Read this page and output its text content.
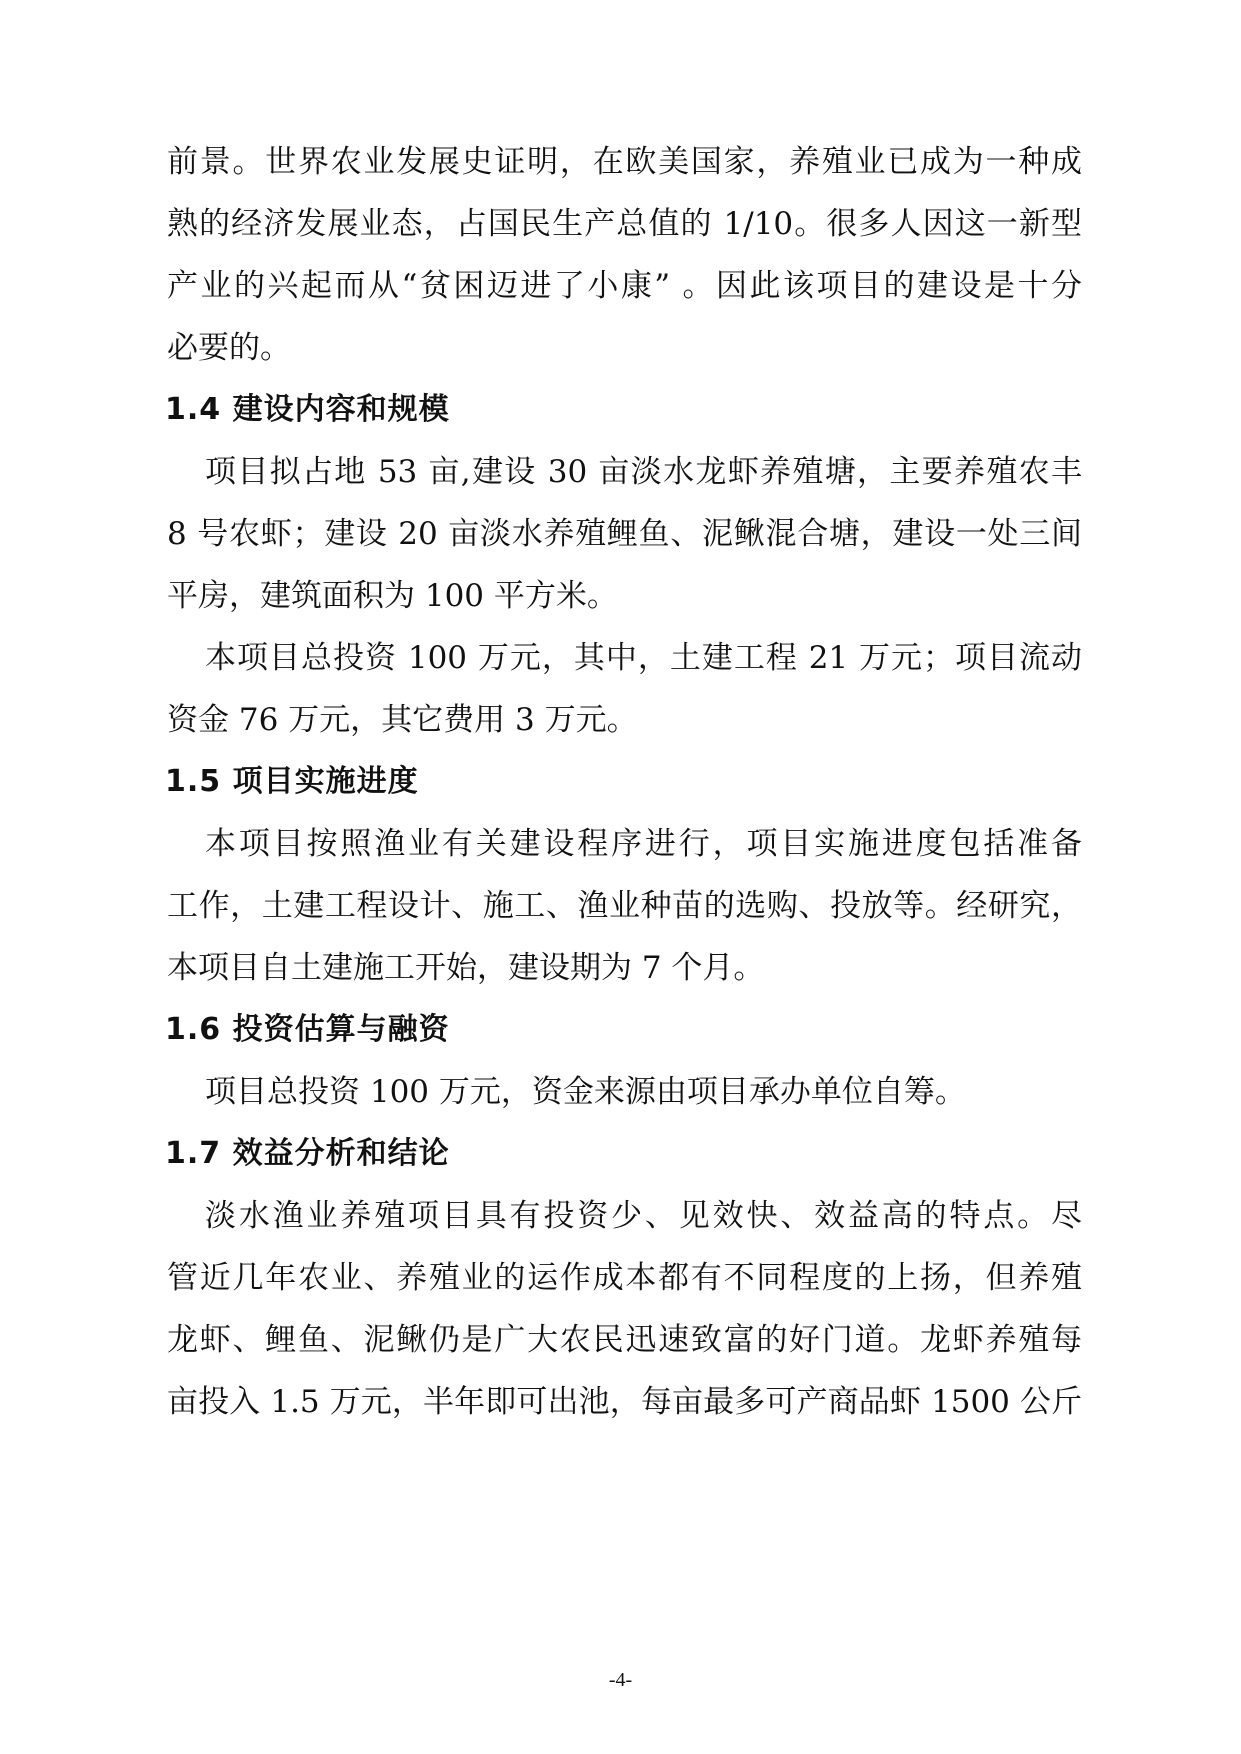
前景。世界农业发展史证明，在欧美国家，养殖业已成为一种成
熟的经济发展业态，占国民生产总值的 1/10。很多人因这一新型
产业的兴起而从“贫困迈进了小康” 。因此该项目的建设是十分
必要的。
1.4 建设内容和规模
项目拟占地 53 亩,建设 30 亩淡水龙虾养殖塘，主要养殖农丰
8 号农虾；建设 20 亩淡水养殖鲤鱼、泥鳅混合塘，建设一处三间
平房，建筑面积为 100 平方米。
本项目总投资 100 万元，其中，土建工程 21 万元；项目流动
资金 76 万元，其它费用 3 万元。
1.5 项目实施进度
本项目按照渔业有关建设程序进行，项目实施进度包括准备
工作，土建工程设计、施工、渔业种苗的选购、投放等。经研究，
本项目自土建施工开始，建设期为 7 个月。
1.6 投资估算与融资
项目总投资 100 万元，资金来源由项目承办单位自筹。
1.7 效益分析和结论
淡水渔业养殖项目具有投资少、见效快、效益高的特点。尽
管近几年农业、养殖业的运作成本都有不同程度的上扬，但养殖
龙虾、鲤鱼、泥鳅仍是广大农民迅速致富的好门道。龙虾养殖每
亩投入 1.5 万元，半年即可出池，每亩最多可产商品虾 1500 公斤
-4-
